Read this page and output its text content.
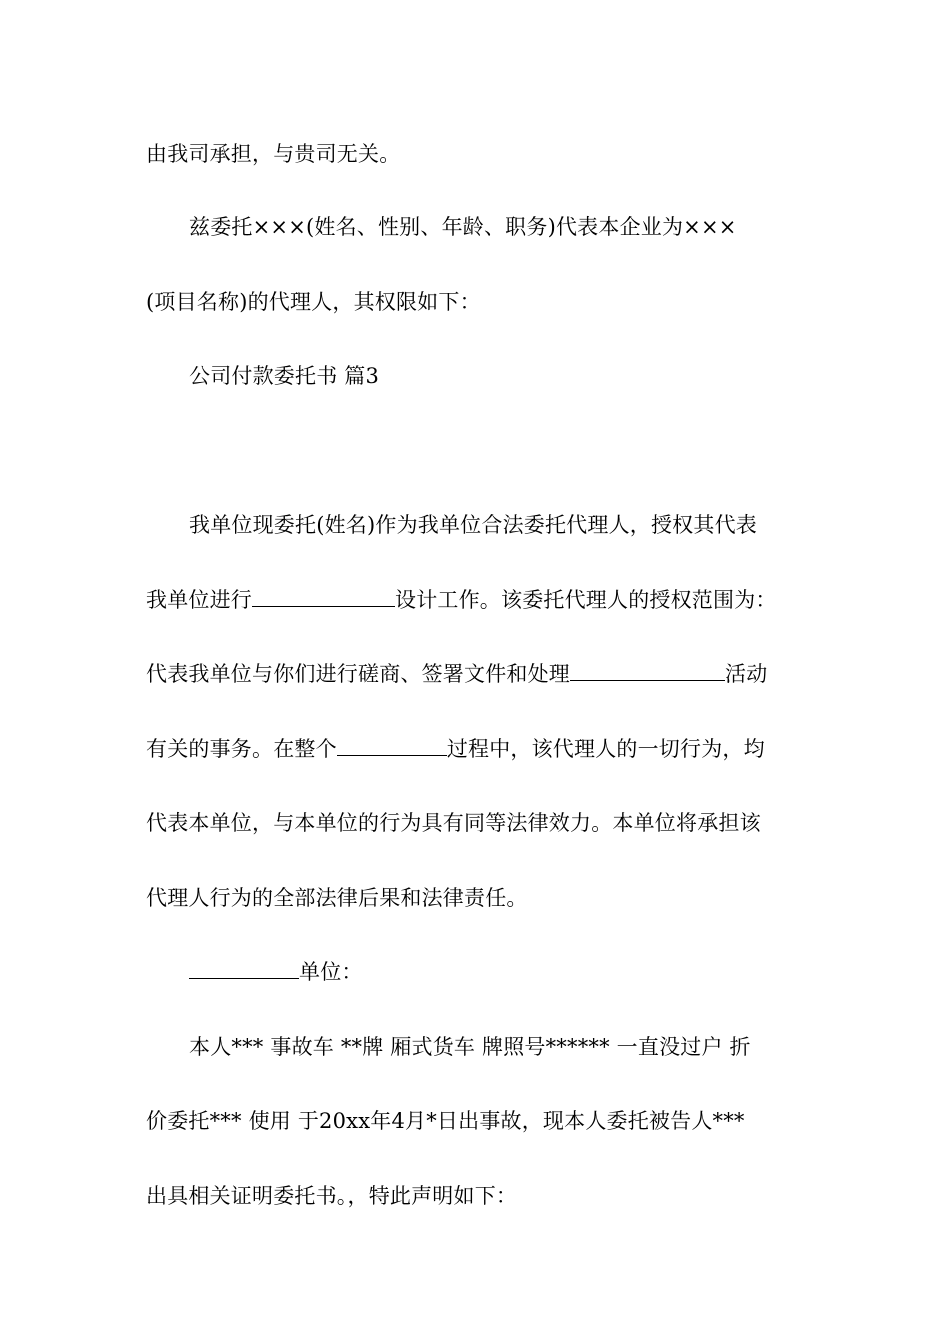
由我司承担，与贵司无关。
兹委托×××(姓名、性别、年龄、职务)代表本企业为×××
(项目名称)的代理人，其权限如下：
公司付款委托书 篇3
我单位现委托(姓名)作为我单位合法委托代理人，授权其代表
我单位进行	设计工作。该委托代理人的授权范围为：
代表我单位与你们进行磋商、签署文件和处理	活动
有关的事务。在整个	过程中，该代理人的一切行为，均
代表本单位，与本单位的行为具有同等法律效力。本单位将承担该
代理人行为的全部法律后果和法律责任。
单位：
本人*** 事故车 **牌 厢式货车 牌照号****** 一直没过户 折
价委托*** 使用 于20xx年4月*日出事故，现本人委托被告人***
出具相关证明委托书。，特此声明如下：
